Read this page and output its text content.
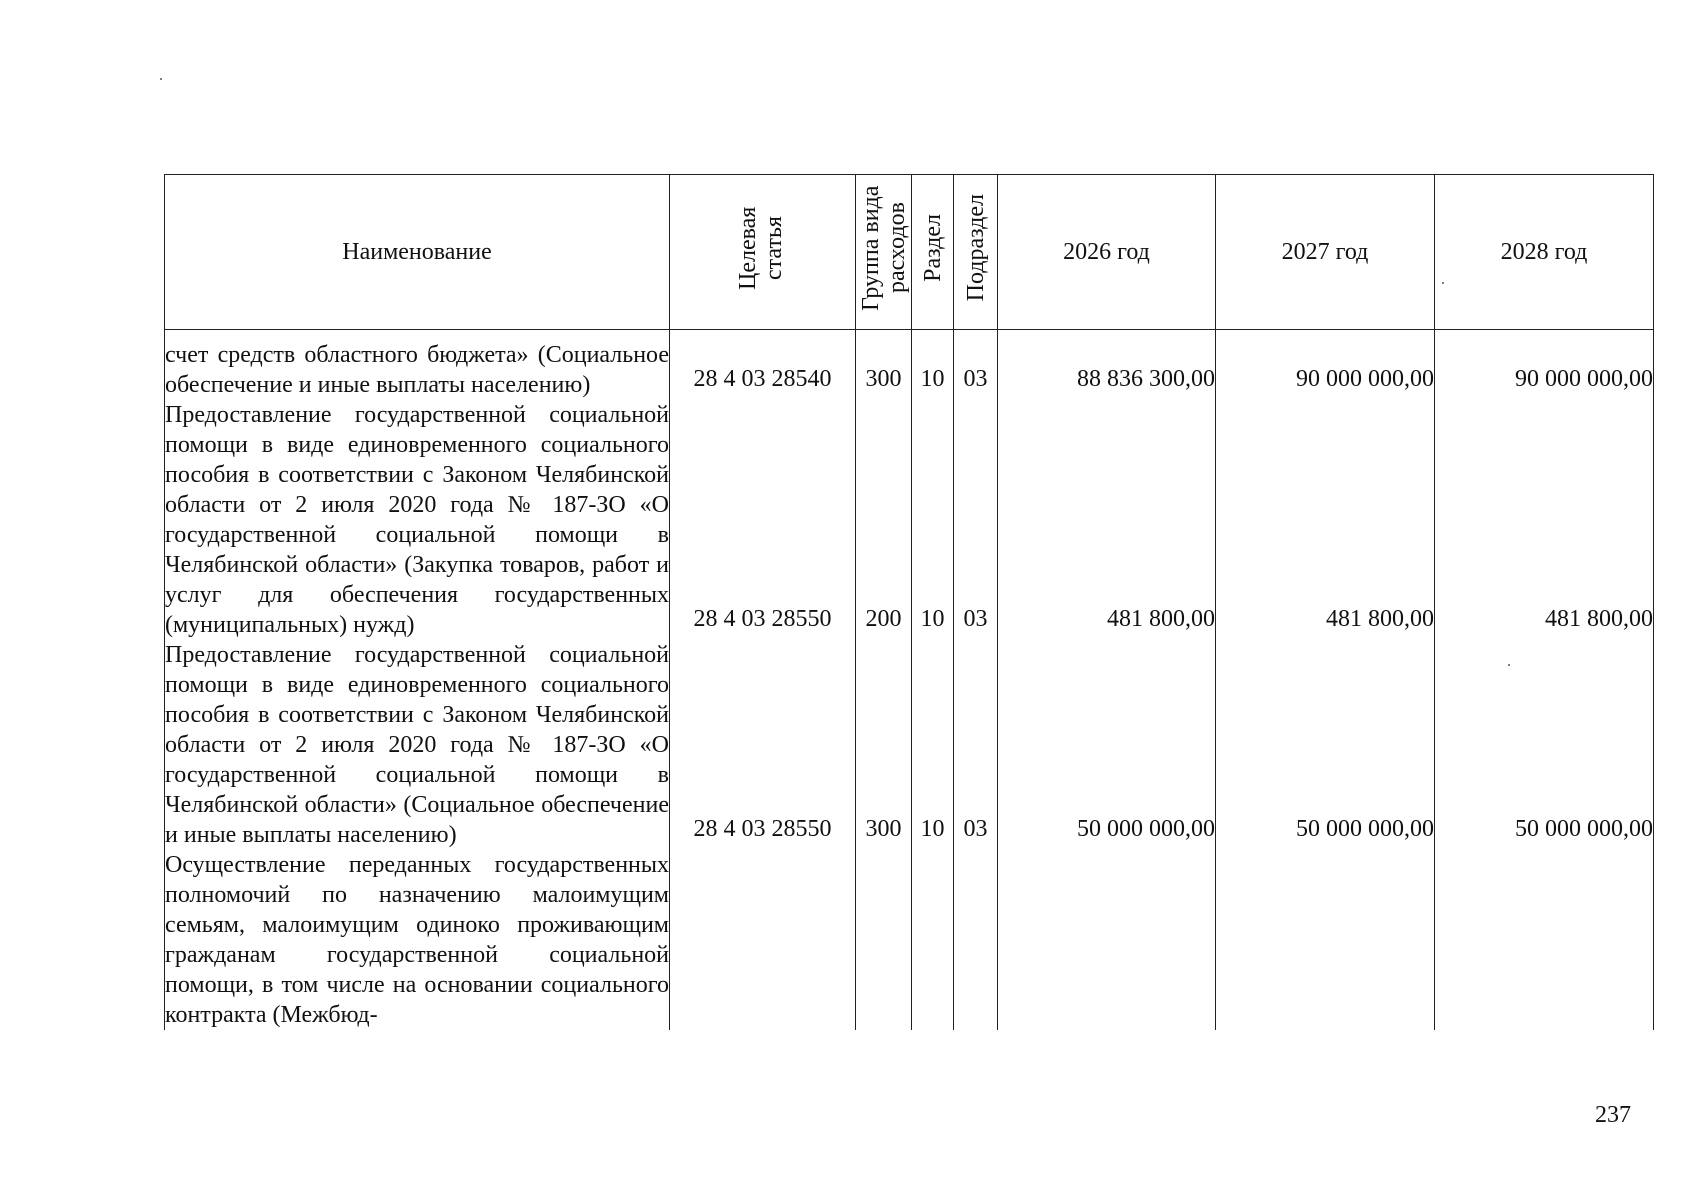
Наименование	Целевая статья	Группа вида расходов	Раздел	Подраздел	2026 год	2027 год	2028 год
счет средств областного бюджета» (Социальное обеспечение и иные выплаты населению)	28 4 03 28540	300	10	03	88 836 300,00	90 000 000,00	90 000 000,00

Предоставление государственной социальной помощи в виде единовременного социального пособия в соответствии с Законом Челябинской области от 2 июля 2020 года № 187-ЗО «О государственной социальной помощи в Челябинской области» (Закупка товаров, работ и услуг для обеспечения государственных (муниципальных) нужд)	28 4 03 28550	200	10	03	481 800,00	481 800,00	481 800,00

Предоставление государственной социальной помощи в виде единовременного социального пособия в соответствии с Законом Челябинской области от 2 июля 2020 года № 187-ЗО «О государственной социальной помощи в Челябинской области» (Социальное обеспечение и иные выплаты населению)	28 4 03 28550	300	10	03	50 000 000,00	50 000 000,00	50 000 000,00

Осуществление переданных государственных полномочий по назначению малоимущим семьям, малоимущим одиноко проживающим гражданам государственной социальной помощи, в том числе на основании социального контракта (Межбюд-	

237
